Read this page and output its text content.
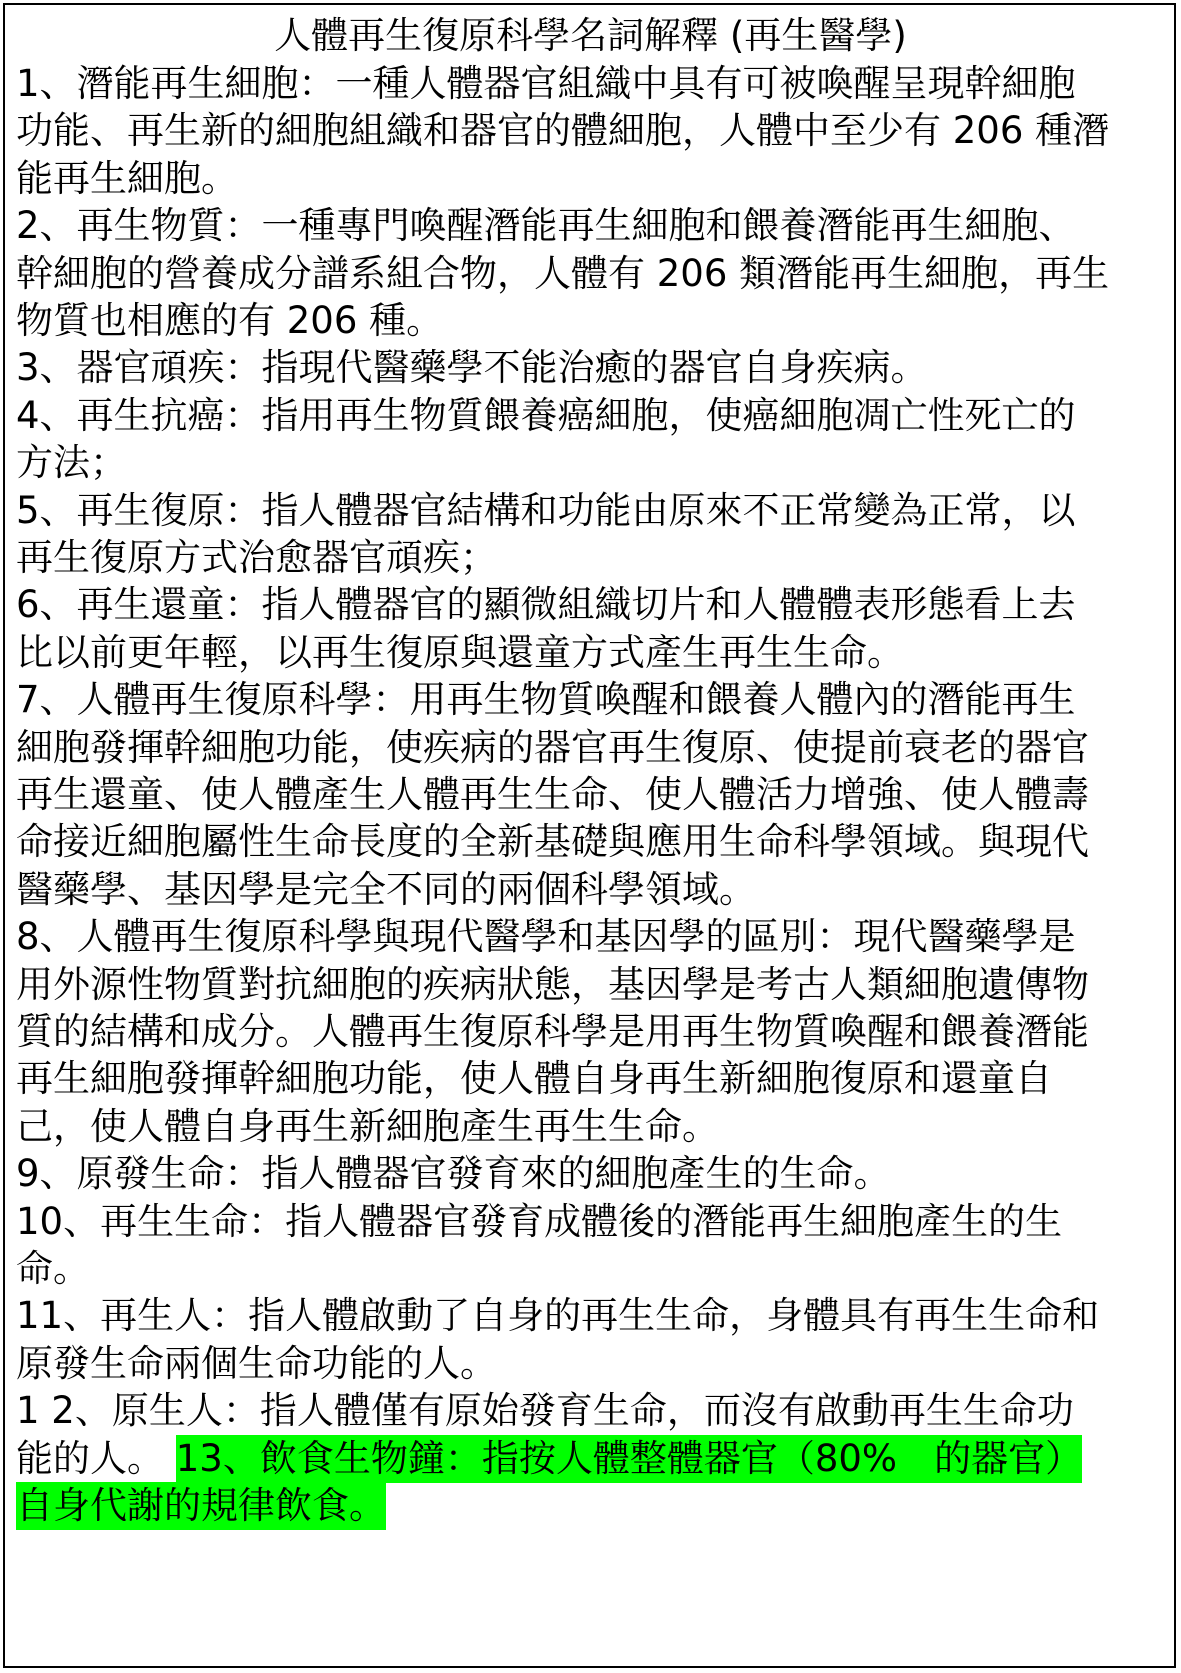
人體再生復原科學名詞解釋 (再生醫學)
1、潛能再生細胞：一種人體器官組織中具有可被喚醒呈現幹細胞
功能、再生新的細胞組織和器官的體細胞，人體中至少有 206 種潛
能再生細胞。
2、再生物質：一種專門喚醒潛能再生細胞和餵養潛能再生細胞、
幹細胞的營養成分譜系組合物，人體有 206 類潛能再生細胞，再生
物質也相應的有 206 種。
3、器官頑疾：指現代醫藥學不能治癒的器官自身疾病。
4、再生抗癌：指用再生物質餵養癌細胞，使癌細胞凋亡性死亡的
方法；
5、再生復原：指人體器官結構和功能由原來不正常變為正常，以
再生復原方式治愈器官頑疾；
6、再生還童：指人體器官的顯微組織切片和人體體表形態看上去
比以前更年輕，以再生復原與還童方式產生再生生命。
7、人體再生復原科學：用再生物質喚醒和餵養人體內的潛能再生
細胞發揮幹細胞功能，使疾病的器官再生復原、使提前衰老的器官
再生還童、使人體產生人體再生生命、使人體活力增強、使人體壽
命接近細胞屬性生命長度的全新基礎與應用生命科學領域。與現代
醫藥學、基因學是完全不同的兩個科學領域。
8、人體再生復原科學與現代醫學和基因學的區別：現代醫藥學是
用外源性物質對抗細胞的疾病狀態，基因學是考古人類細胞遺傳物
質的結構和成分。人體再生復原科學是用再生物質喚醒和餵養潛能
再生細胞發揮幹細胞功能，使人體自身再生新細胞復原和還童自
己，使人體自身再生新細胞產生再生生命。
9、原發生命：指人體器官發育來的細胞產生的生命。
10、再生生命：指人體器官發育成體後的潛能再生細胞產生的生
命。
11、再生人：指人體啟動了自身的再生生命，身體具有再生生命和
原發生命兩個生命功能的人。
1 2、原生人：指人體僅有原始發育生命，而沒有啟動再生生命功
能的人。 13、飲食生物鐘：指按人體整體器官（80%　的器官）
自身代謝的規律飲食。
